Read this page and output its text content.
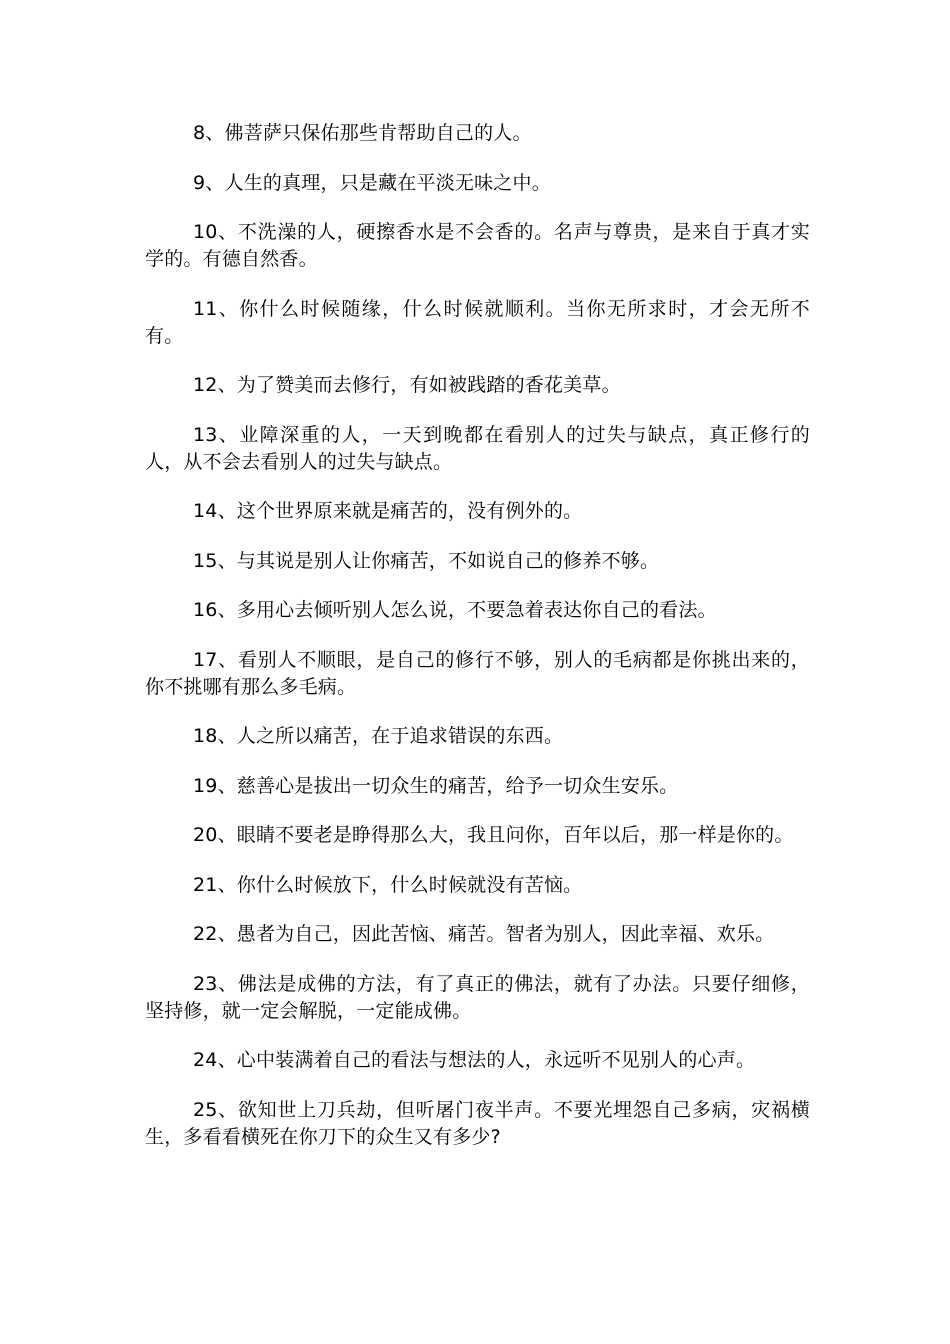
8、佛菩萨只保佑那些肯帮助自己的人。

9、人生的真理，只是藏在平淡无味之中。

10、不洗澡的人，硬擦香水是不会香的。名声与尊贵，是来自于真才实学的。有德自然香。

11、你什么时候随缘，什么时候就顺利。当你无所求时，才会无所不有。

12、为了赞美而去修行，有如被践踏的香花美草。

13、业障深重的人，一天到晚都在看别人的过失与缺点，真正修行的人，从不会去看别人的过失与缺点。

14、这个世界原来就是痛苦的，没有例外的。

15、与其说是别人让你痛苦，不如说自己的修养不够。

16、多用心去倾听别人怎么说，不要急着表达你自己的看法。

17、看别人不顺眼，是自己的修行不够，别人的毛病都是你挑出来的，你不挑哪有那么多毛病。

18、人之所以痛苦，在于追求错误的东西。

19、慈善心是拔出一切众生的痛苦，给予一切众生安乐。

20、眼睛不要老是睁得那么大，我且问你，百年以后，那一样是你的。

21、你什么时候放下，什么时候就没有苦恼。

22、愚者为自己，因此苦恼、痛苦。智者为别人，因此幸福、欢乐。

23、佛法是成佛的方法，有了真正的佛法，就有了办法。只要仔细修，坚持修，就一定会解脱，一定能成佛。

24、心中装满着自己的看法与想法的人，永远听不见别人的心声。

25、欲知世上刀兵劫，但听屠门夜半声。不要光埋怨自己多病，灾祸横生，多看看横死在你刀下的众生又有多少?
